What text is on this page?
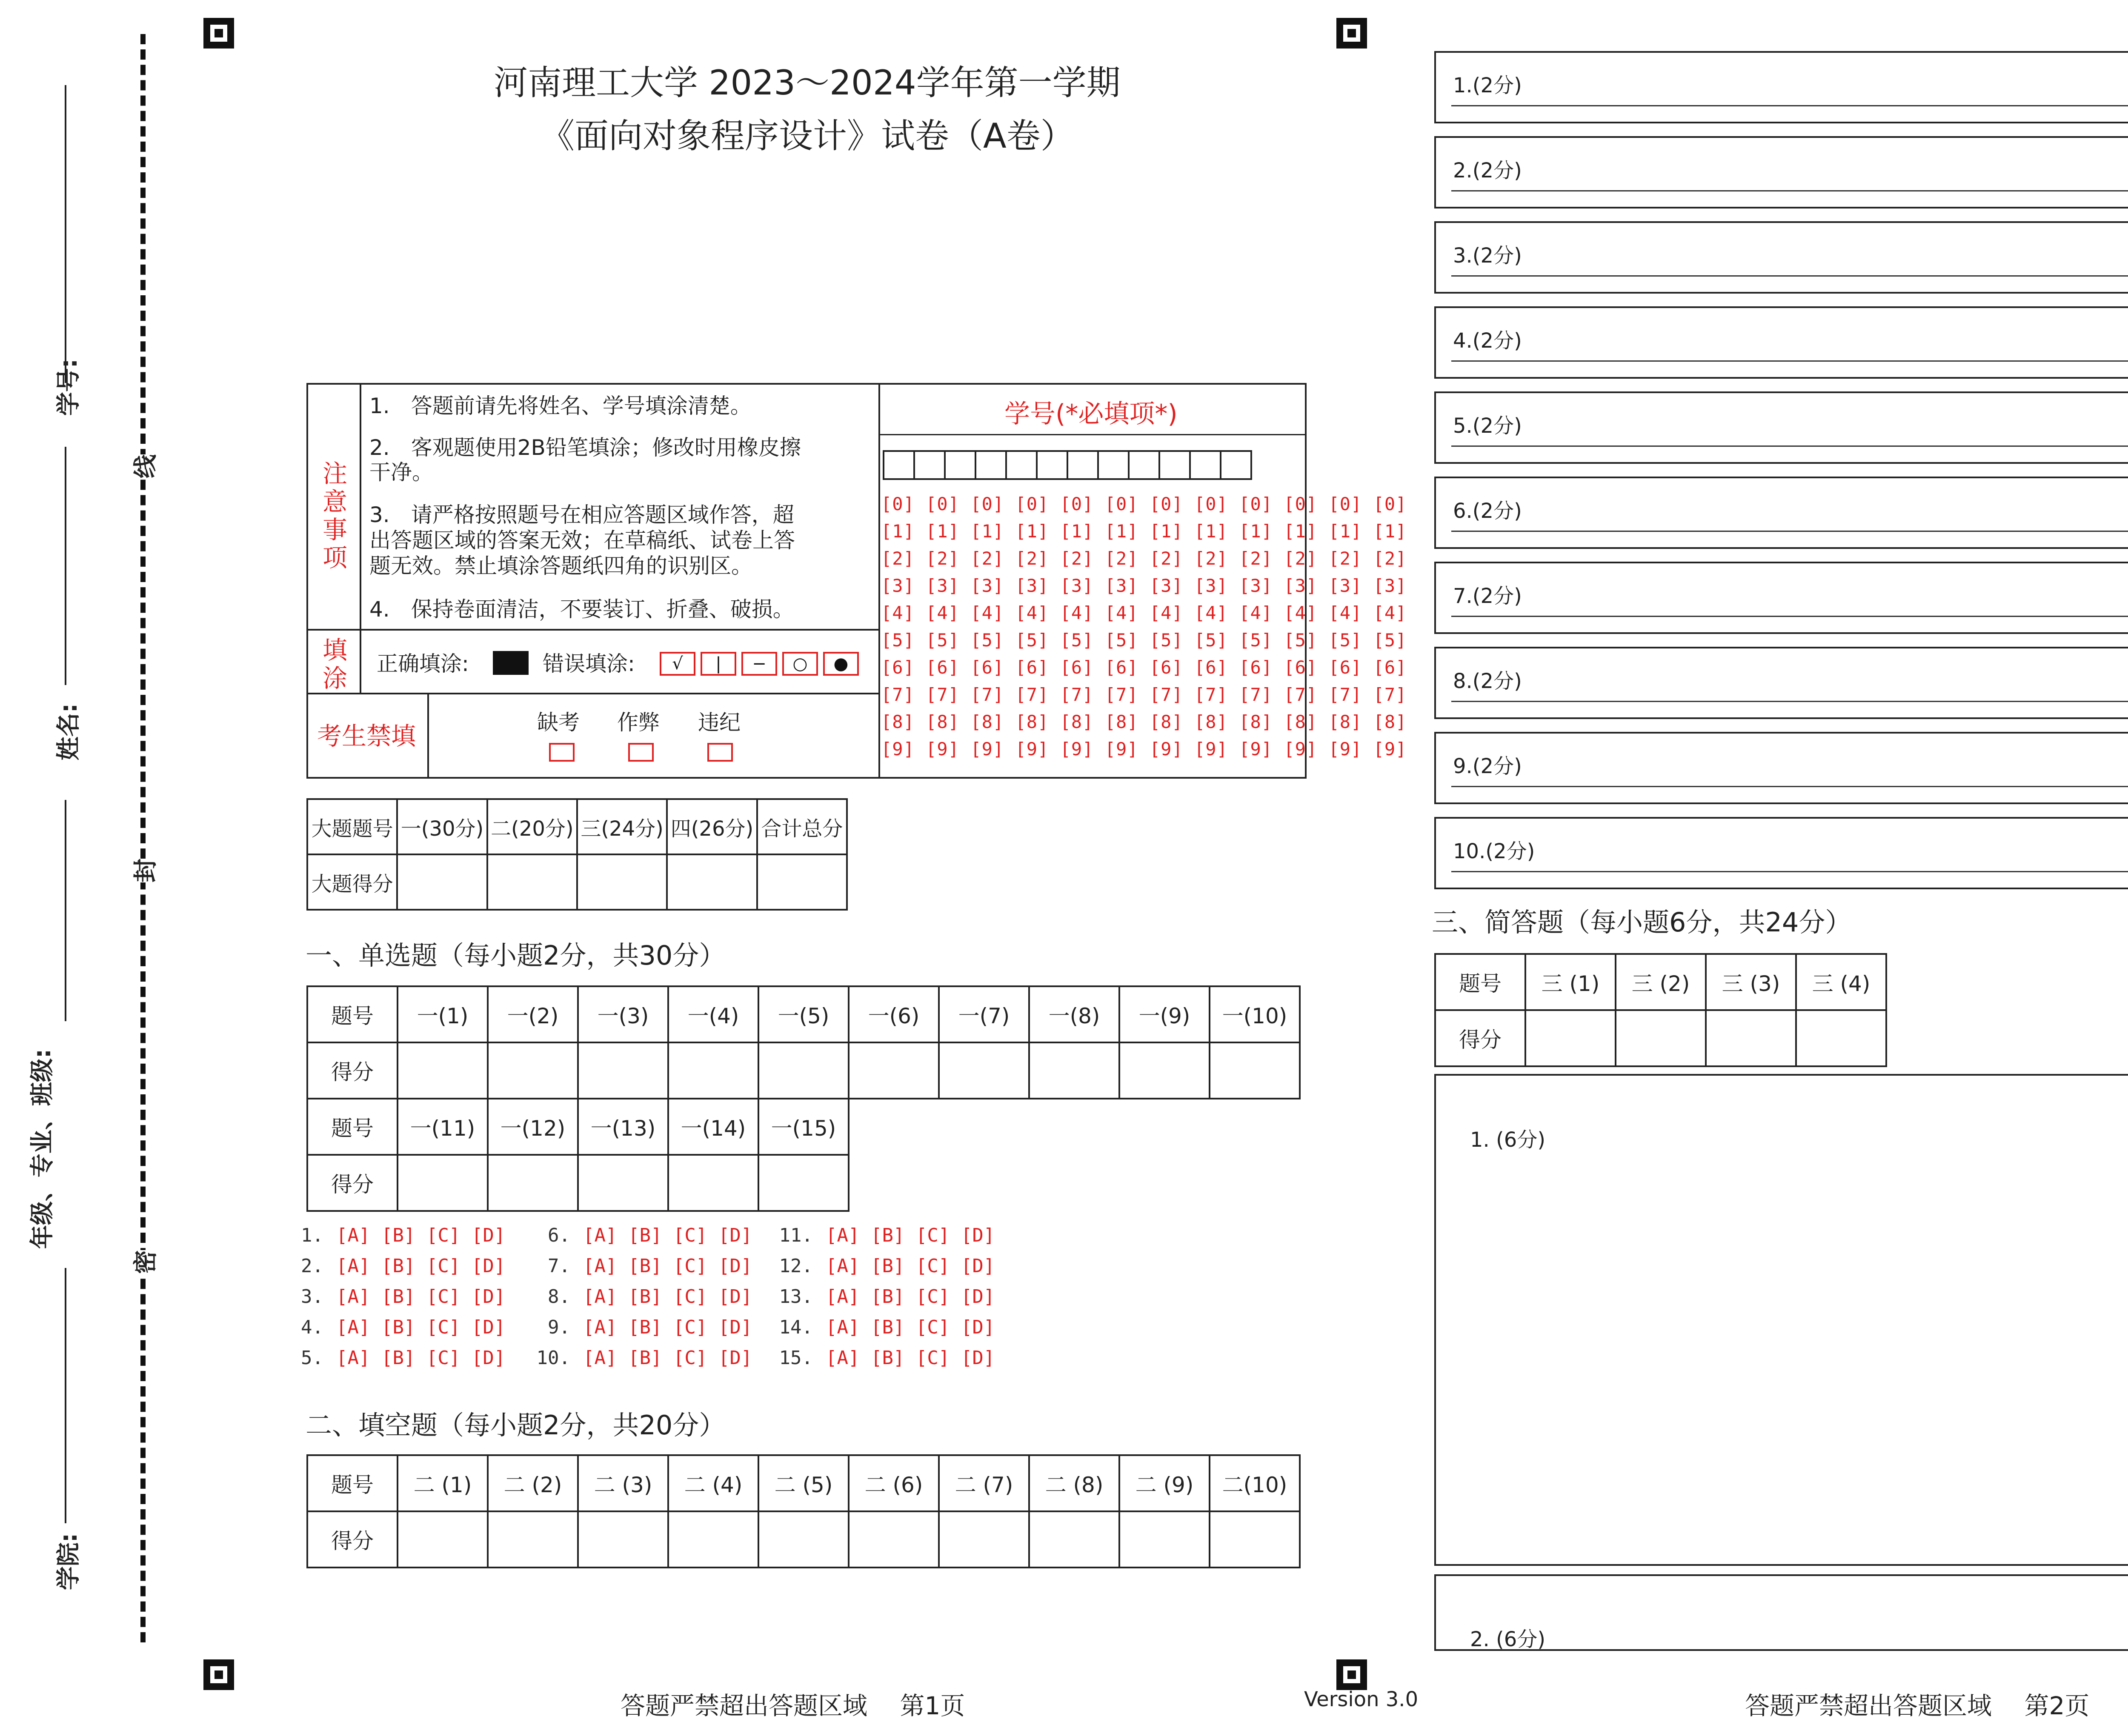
学号:
姓名:
年级、专业、班级:
学院:
线
封
密
河南理工大学 2023～2024学年第一学期
《面向对象程序设计》试卷（A卷）
注
意
事
项
1.　答题前请先将姓名、学号填涂清楚。
2.　客观题使用2B铅笔填涂；修改时用橡皮擦
干净。
3.　请严格按照题号在相应答题区域作答，超
出答题区域的答案无效；在草稿纸、试卷上答
题无效。禁止填涂答题纸四角的识别区。
4.　保持卷面清洁，不要装订、折叠、破损。
填
涂 正确填涂:	错误填涂:	√	|	−	○	●
考生禁填	缺考 作弊 违纪
学号(*必填项*)
[0] [0] [0] [0] [0] [0] [0] [0] [0] [0] [0] [0]
[1] [1] [1] [1] [1] [1] [1] [1] [1] [1] [1] [1]
[2] [2] [2] [2] [2] [2] [2] [2] [2] [2] [2] [2]
[3] [3] [3] [3] [3] [3] [3] [3] [3] [3] [3] [3]
[4] [4] [4] [4] [4] [4] [4] [4] [4] [4] [4] [4]
[5] [5] [5] [5] [5] [5] [5] [5] [5] [5] [5] [5]
[6] [6] [6] [6] [6] [6] [6] [6] [6] [6] [6] [6]
[7] [7] [7] [7] [7] [7] [7] [7] [7] [7] [7] [7]
[8] [8] [8] [8] [8] [8] [8] [8] [8] [8] [8] [8]
[9] [9] [9] [9] [9] [9] [9] [9] [9] [9] [9] [9]
大题题号	一(30分)	二(20分)	三(24分)	四(26分)	合计总分
大题得分					
一、单选题（每小题2分，共30分）
题号	一(1)	一(2)	一(3)	一(4)	一(5)	一(6)	一(7)	一(8)	一(9)	一(10)
得分										
题号	一(11)	一(12)	一(13)	一(14)	一(15)
得分					
1. [A] [B] [C] [D]
2. [A] [B] [C] [D]
3. [A] [B] [C] [D]
4. [A] [B] [C] [D]
5. [A] [B] [C] [D]
6. [A] [B] [C] [D]
7. [A] [B] [C] [D]
8. [A] [B] [C] [D]
9. [A] [B] [C] [D]
10. [A] [B] [C] [D]
11. [A] [B] [C] [D]
12. [A] [B] [C] [D]
13. [A] [B] [C] [D]
14. [A] [B] [C] [D]
15. [A] [B] [C] [D]
二、填空题（每小题2分，共20分）
题号	二 (1)	二 (2)	二 (3)	二 (4)	二 (5)	二 (6)	二 (7)	二 (8)	二 (9)	二(10)
得分										
1.(2分)
2.(2分)
3.(2分)
4.(2分)
5.(2分)
6.(2分)
7.(2分)
8.(2分)
9.(2分)
10.(2分)
三、简答题（每小题6分，共24分）
题号	三 (1)	三 (2)	三 (3)	三 (4)
得分				
1. (6分)
2. (6分)
答题严禁超出答题区域　 第1页	Version 3.0	答题严禁超出答题区域　 第2页
